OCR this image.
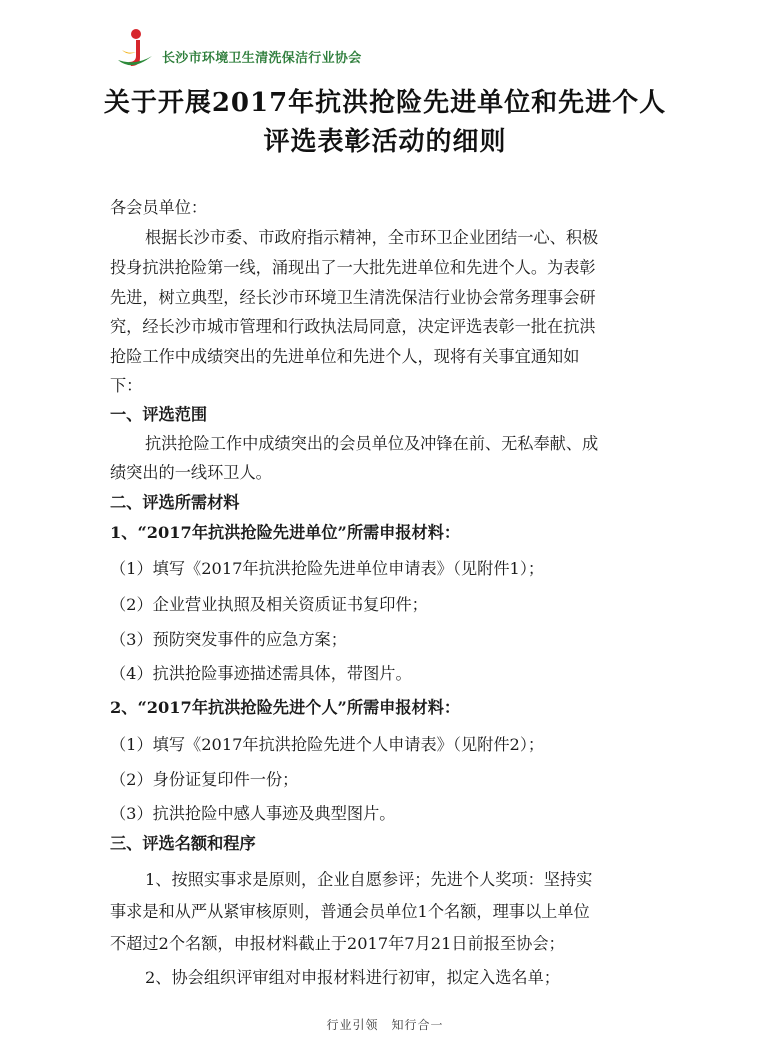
长沙市环境卫生清洗保洁行业协会
关于开展2017年抗洪抢险先进单位和先进个人
评选表彰活动的细则
各会员单位：
根据长沙市委、市政府指示精神，全市环卫企业团结一心、积极
投身抗洪抢险第一线，涌现出了一大批先进单位和先进个人。为表彰
先进，树立典型，经长沙市环境卫生清洗保洁行业协会常务理事会研
究，经长沙市城市管理和行政执法局同意，决定评选表彰一批在抗洪
抢险工作中成绩突出的先进单位和先进个人，现将有关事宜通知如
下：
一、评选范围
抗洪抢险工作中成绩突出的会员单位及冲锋在前、无私奉献、成
绩突出的一线环卫人。
二、评选所需材料
1、“2017年抗洪抢险先进单位”所需申报材料：
（1）填写《2017年抗洪抢险先进单位申请表》（见附件1）；
（2）企业营业执照及相关资质证书复印件；
（3）预防突发事件的应急方案；
（4）抗洪抢险事迹描述需具体，带图片。
2、“2017年抗洪抢险先进个人”所需申报材料：
（1）填写《2017年抗洪抢险先进个人申请表》（见附件2）；
（2）身份证复印件一份；
（3）抗洪抢险中感人事迹及典型图片。
三、评选名额和程序
1、按照实事求是原则，企业自愿参评；先进个人奖项：坚持实
事求是和从严从紧审核原则，普通会员单位1个名额，理事以上单位
不超过2个名额，申报材料截止于2017年7月21日前报至协会；
2、协会组织评审组对申报材料进行初审，拟定入选名单；
行业引领　知行合一
